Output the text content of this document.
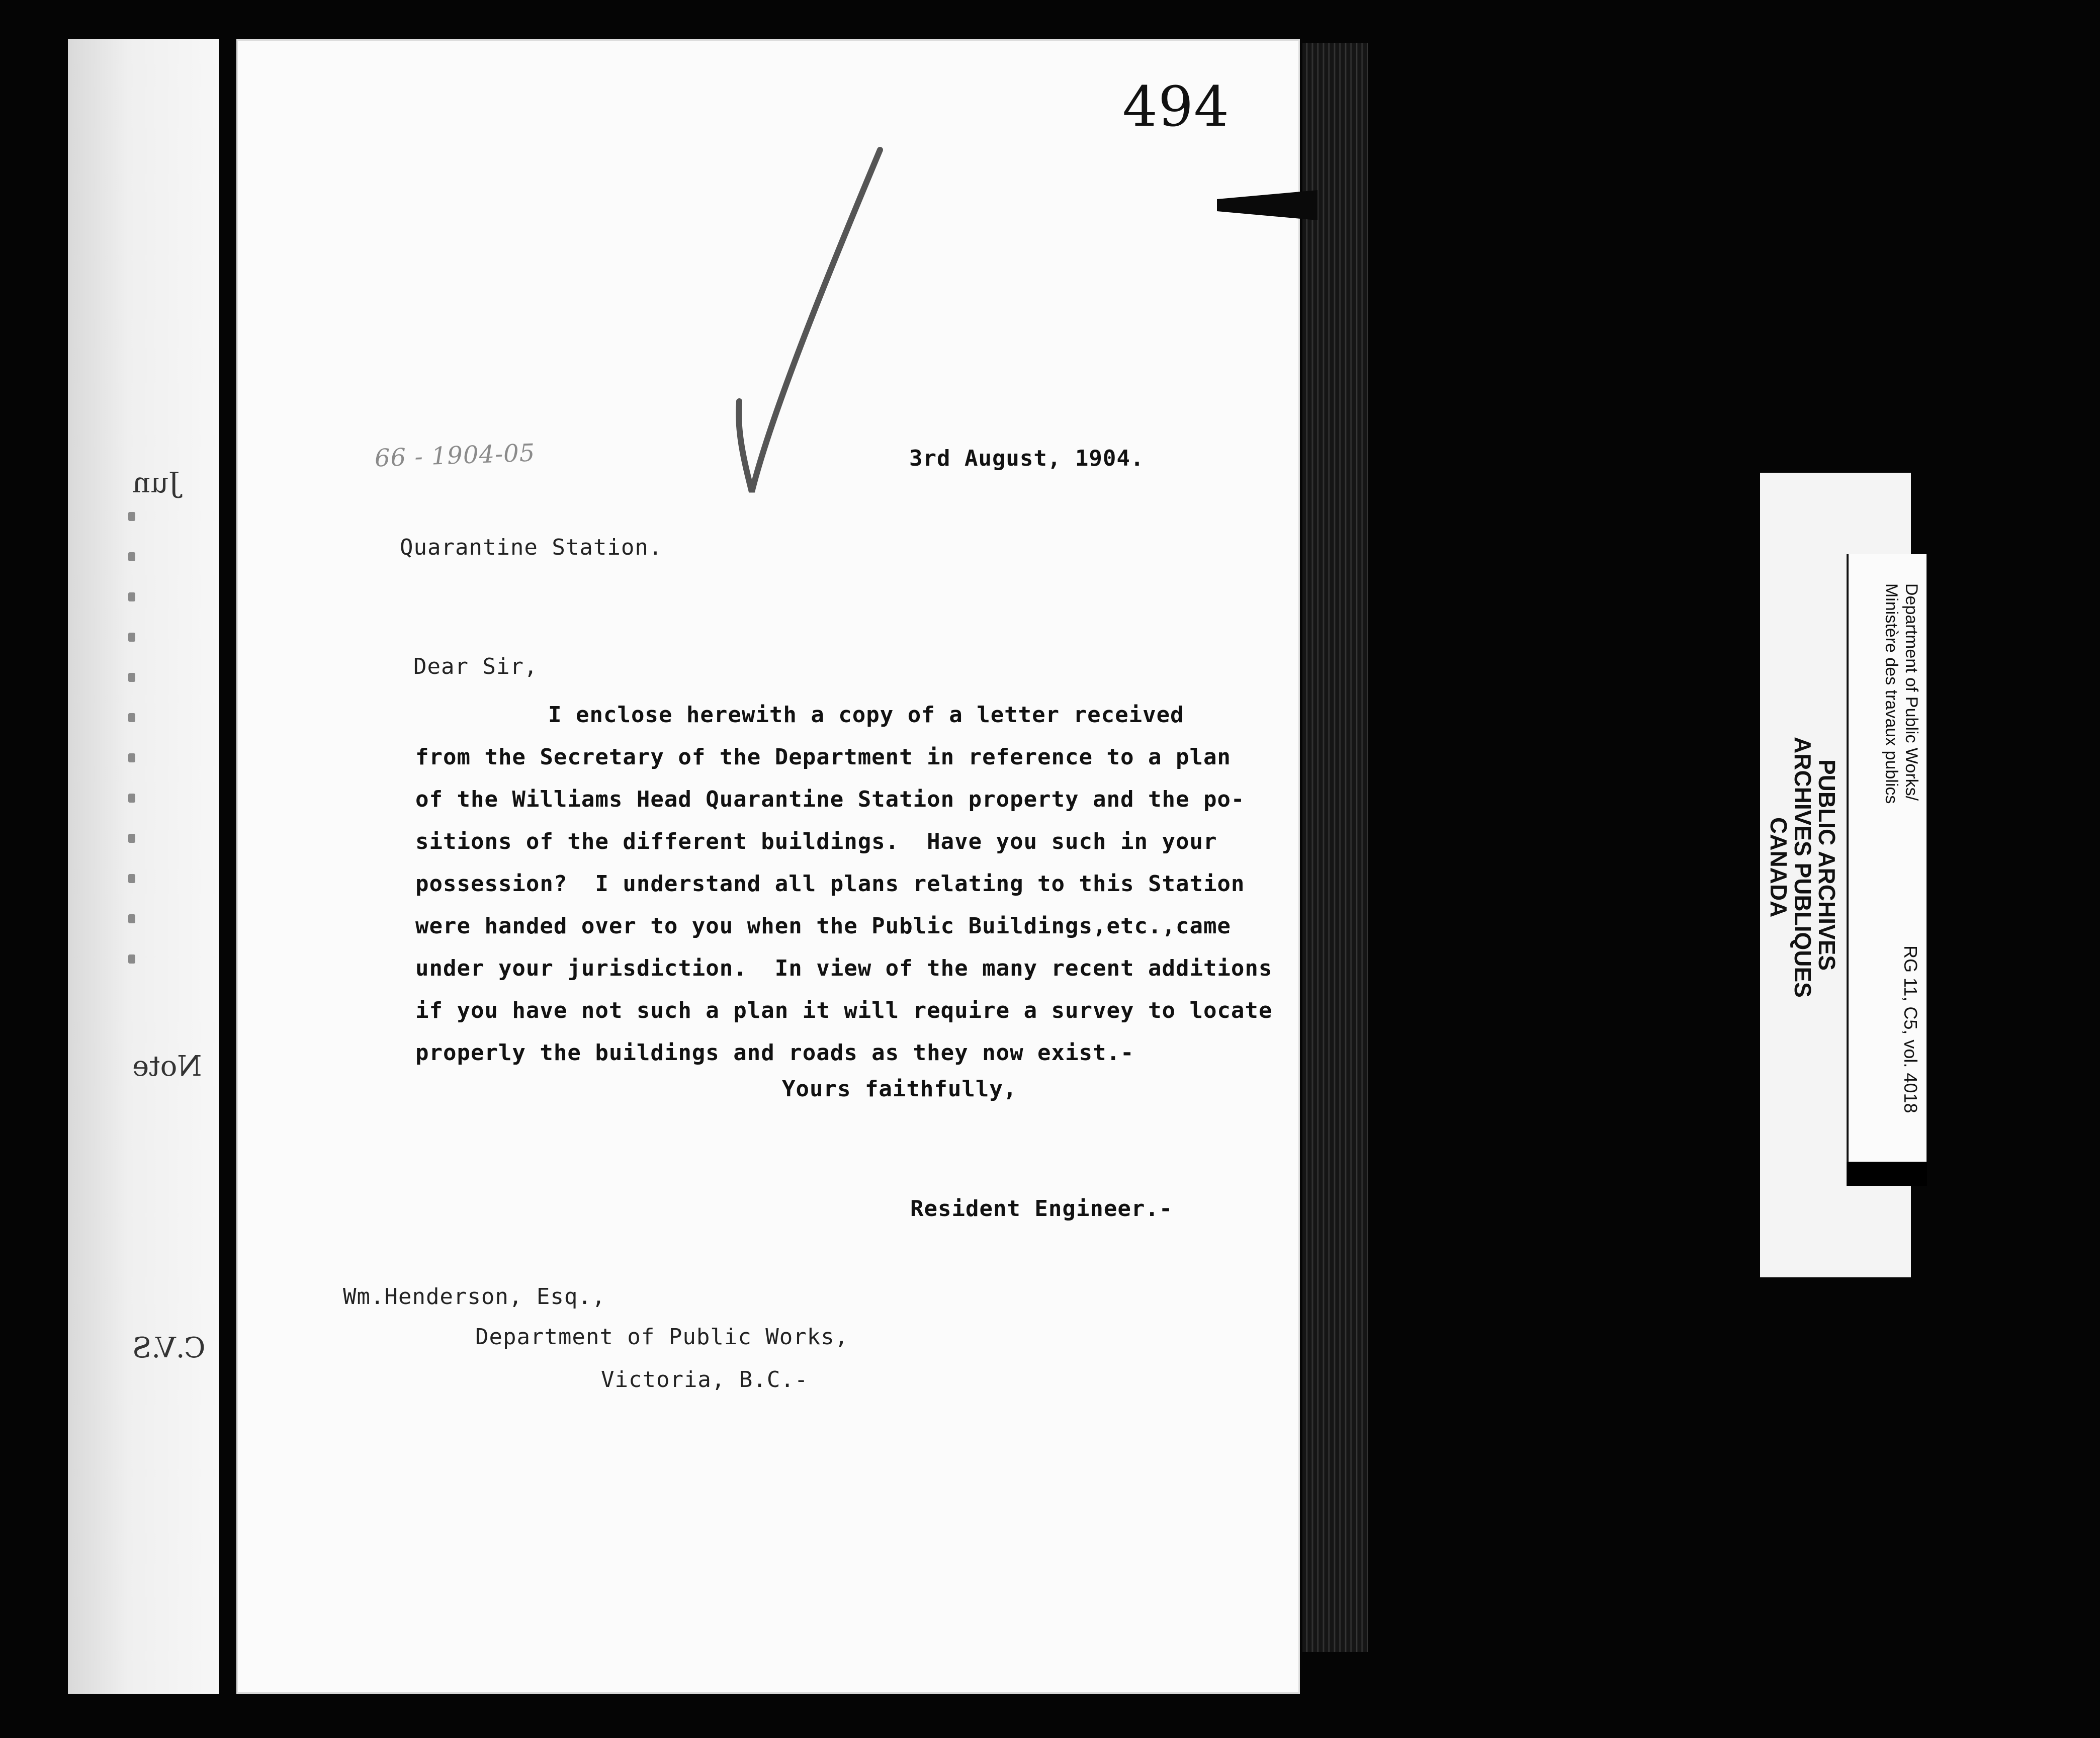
Jun
Note
C.V.S
494
66 - 1904-05	3rd August, 1904.
Quarantine Station.
Dear Sir,
I enclose herewith a copy of a letter received
from the Secretary of the Department in reference to a plan
of the Williams Head Quarantine Station property and the po-
sitions of the different buildings.  Have you such in your
possession?  I understand all plans relating to this Station
were handed over to you when the Public Buildings,etc.,came
under your jurisdiction.  In view of the many recent additions
if you have not such a plan it will require a survey to locate
properly the buildings and roads as they now exist.-
Yours faithfully,
Resident Engineer.-
Wm.Henderson, Esq.,
Department of Public Works,
Victoria, B.C.-
Department of Public Works/
Ministère des travaux publics
RG 11, C5, vol. 4018
PUBLIC ARCHIVES
ARCHIVES PUBLIQUES
CANADA
